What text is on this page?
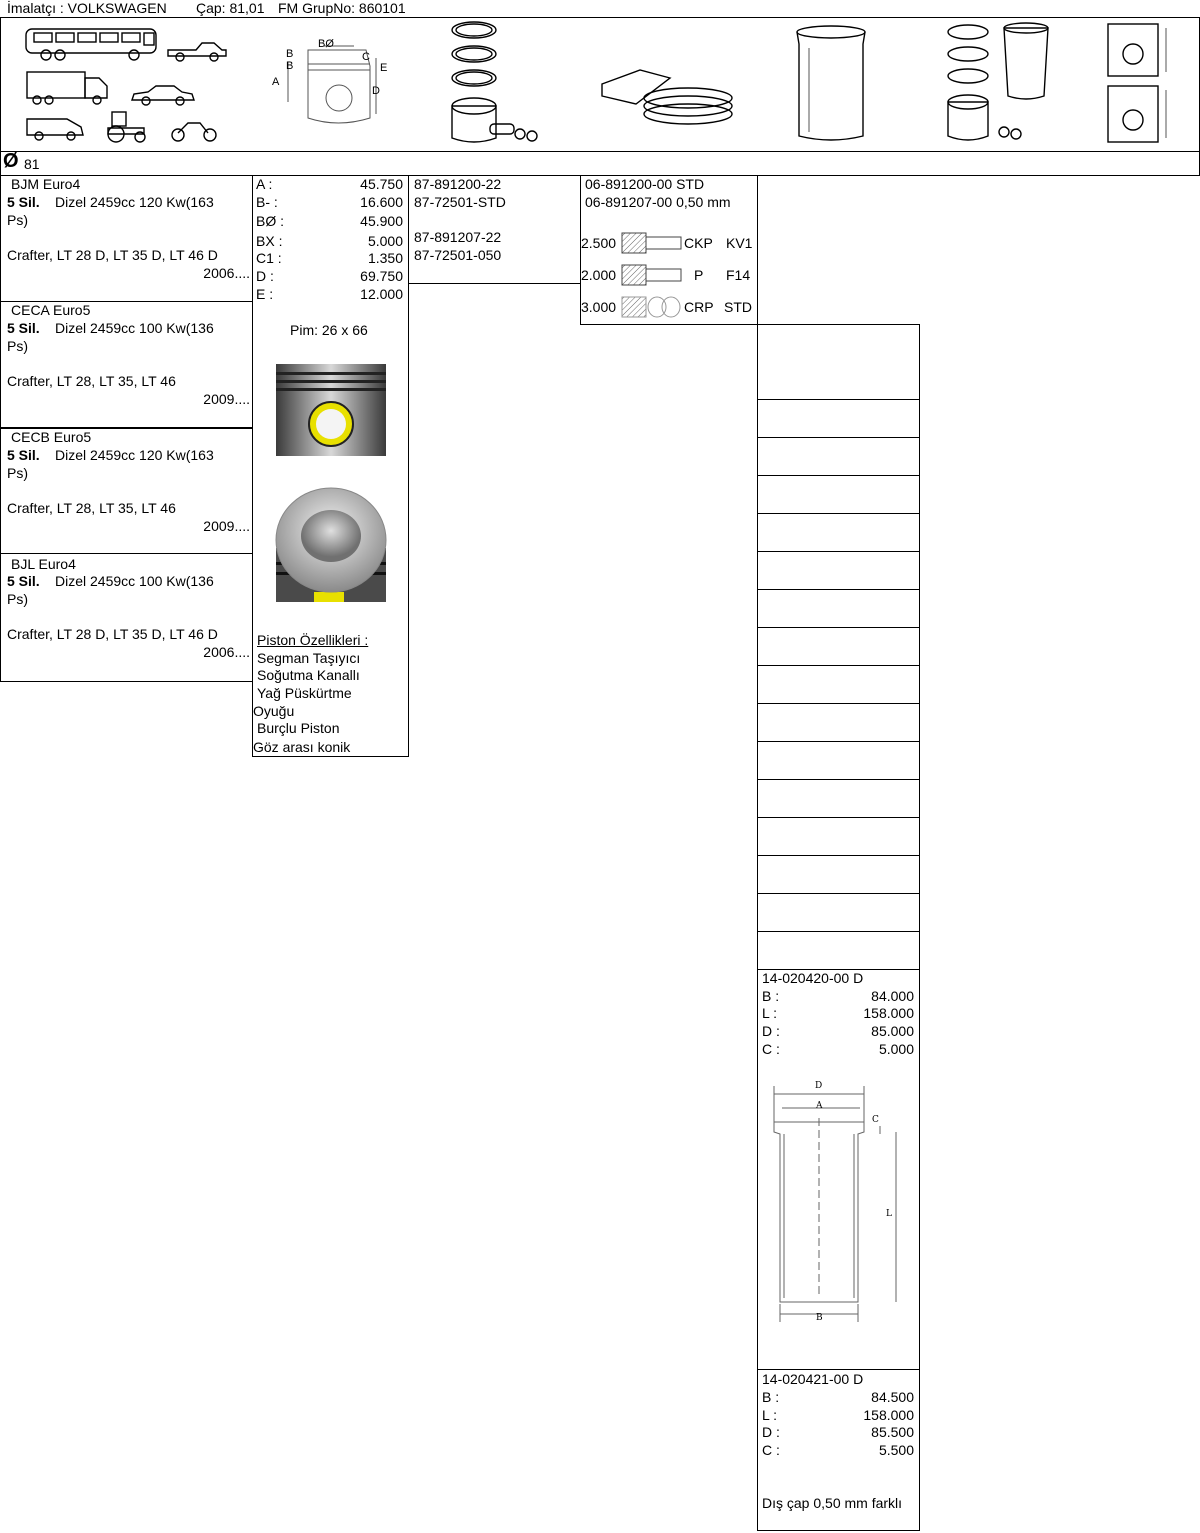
İmalatçı : VOLKSWAGEN Çap: 81,01 FM GrupNo: 860101
BØ
B
B
C
E
A
D
Ø 81
BJM Euro4
5 Sil. Dizel 2459cc 120 Kw(163
Ps)
Crafter, LT 28 D, LT 35 D, LT 46 D
2006....
CECA Euro5
5 Sil. Dizel 2459cc 100 Kw(136
Ps)
Crafter, LT 28, LT 35, LT 46
2009....
CECB Euro5
5 Sil. Dizel 2459cc 120 Kw(163
Ps)
Crafter, LT 28, LT 35, LT 46
2009....
BJL Euro4
5 Sil. Dizel 2459cc 100 Kw(136
Ps)
Crafter, LT 28 D, LT 35 D, LT 46 D
2006....
A :	45.750
B- :	16.600
BØ :	45.900
BX :	5.000
C1 :	1.350
D :	69.750
E :	12.000
Pim: 26 x 66
Piston Özellikleri :
Segman Taşıyıcı
Soğutma Kanallı
Yağ Püskürtme
Oyuğu
Burçlu Piston
Göz arası konik
87-891200-22
87-72501-STD
87-891207-22
87-72501-050
06-891200-00 STD
06-891207-00 0,50 mm
2.500	CKP KV1
2.000	P F14
3.000	CRP STD
14-020420-00 D
B :	84.000
L :	158.000
D :	85.000
C :	5.000
D
A
C
L
B
14-020421-00 D
B :	84.500
L :	158.000
D :	85.500
C :	5.500
Dış çap 0,50 mm farklı
